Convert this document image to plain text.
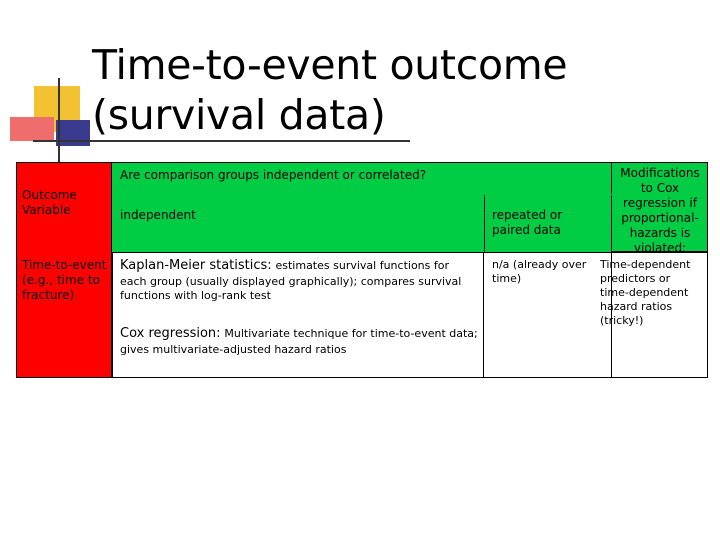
Time-to-event outcome
(survival data)
Outcome Variable
Are comparison groups independent or correlated?
independent	repeated or paired data
Modifications to Cox regression if proportional-hazards is violated:
Time-to-event (e.g., time to fracture)
Kaplan-Meier statistics: estimates survival functions for
each group (usually displayed graphically); compares survival functions with log-rank test
Cox regression: Multivariate technique for time-to-event data;
gives multivariate-adjusted hazard ratios
n/a (already over time)
Time-dependent predictors or time-dependent hazard ratios (tricky!)
